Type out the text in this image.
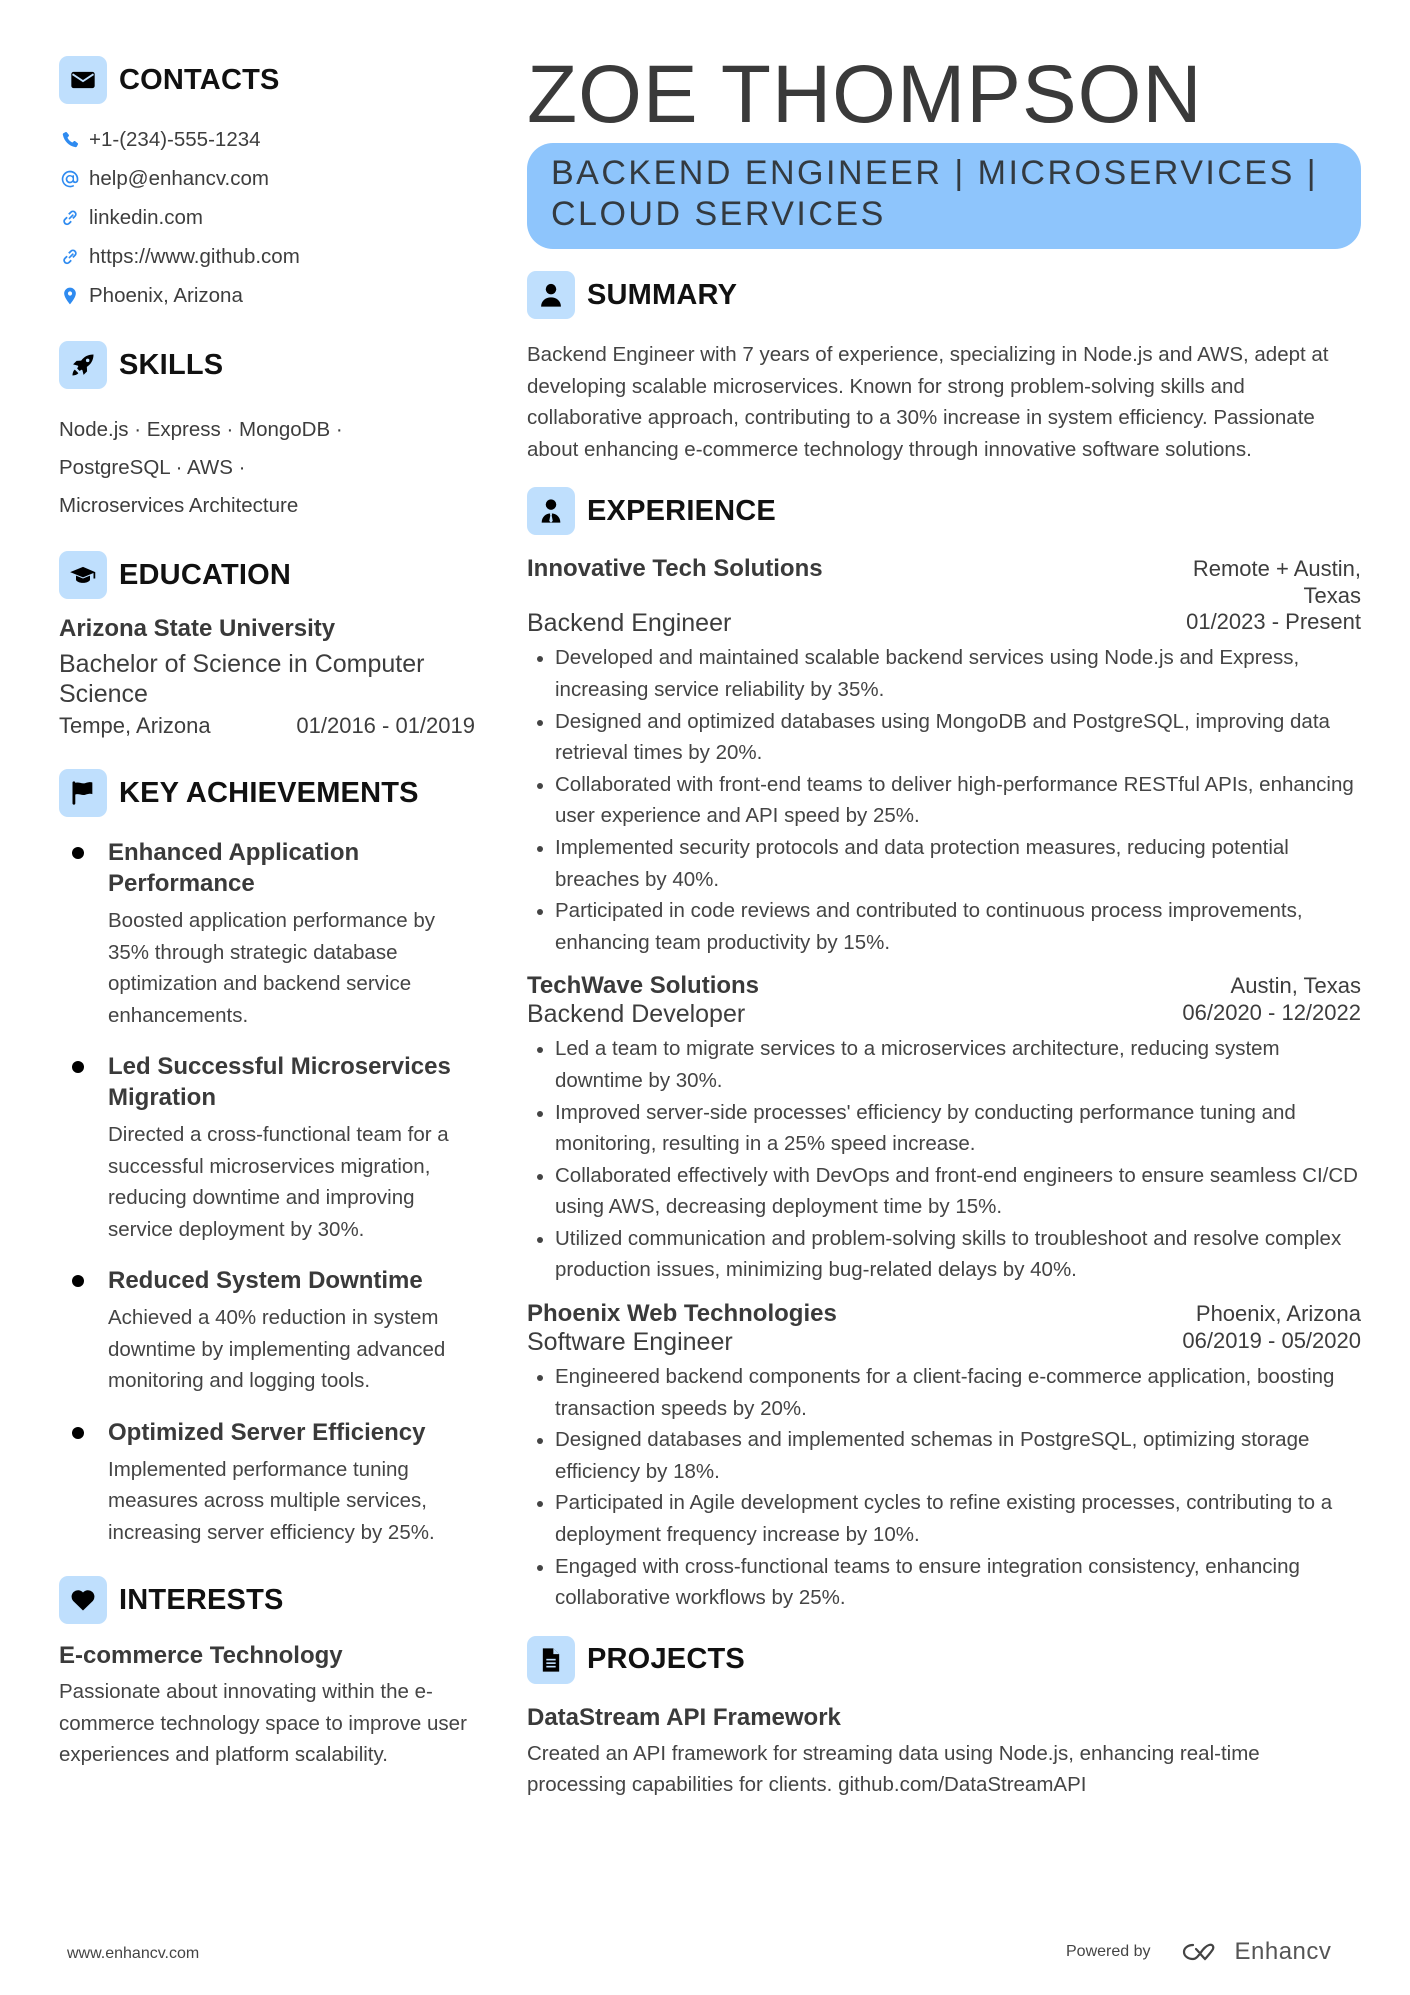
CONTACTS
+1-(234)-555-1234
help@enhancv.com
linkedin.com
https://www.github.com
Phoenix, Arizona
SKILLS
Node.js · Express · MongoDB ·
PostgreSQL · AWS ·
Microservices Architecture
EDUCATION
Arizona State University
Bachelor of Science in Computer Science
Tempe, Arizona	01/2016 - 01/2019
KEY ACHIEVEMENTS
Enhanced Application Performance
Boosted application performance by 35% through strategic database optimization and backend service enhancements.
Led Successful Microservices Migration
Directed a cross-functional team for a successful microservices migration, reducing downtime and improving service deployment by 30%.
Reduced System Downtime
Achieved a 40% reduction in system downtime by implementing advanced monitoring and logging tools.
Optimized Server Efficiency
Implemented performance tuning measures across multiple services, increasing server efficiency by 25%.
INTERESTS
E-commerce Technology
Passionate about innovating within the e-commerce technology space to improve user experiences and platform scalability.
ZOE THOMPSON
BACKEND ENGINEER | MICROSERVICES | CLOUD SERVICES
SUMMARY
Backend Engineer with 7 years of experience, specializing in Node.js and AWS, adept at developing scalable microservices. Known for strong problem-solving skills and collaborative approach, contributing to a 30% increase in system efficiency. Passionate about enhancing e-commerce technology through innovative software solutions.
EXPERIENCE
Innovative Tech Solutions	Remote + Austin, Texas
Backend Engineer	01/2023 - Present
Developed and maintained scalable backend services using Node.js and Express, increasing service reliability by 35%.
Designed and optimized databases using MongoDB and PostgreSQL, improving data retrieval times by 20%.
Collaborated with front-end teams to deliver high-performance RESTful APIs, enhancing user experience and API speed by 25%.
Implemented security protocols and data protection measures, reducing potential breaches by 40%.
Participated in code reviews and contributed to continuous process improvements, enhancing team productivity by 15%.
TechWave Solutions	Austin, Texas
Backend Developer	06/2020 - 12/2022
Led a team to migrate services to a microservices architecture, reducing system downtime by 30%.
Improved server-side processes' efficiency by conducting performance tuning and monitoring, resulting in a 25% speed increase.
Collaborated effectively with DevOps and front-end engineers to ensure seamless CI/CD using AWS, decreasing deployment time by 15%.
Utilized communication and problem-solving skills to troubleshoot and resolve complex production issues, minimizing bug-related delays by 40%.
Phoenix Web Technologies	Phoenix, Arizona
Software Engineer	06/2019 - 05/2020
Engineered backend components for a client-facing e-commerce application, boosting transaction speeds by 20%.
Designed databases and implemented schemas in PostgreSQL, optimizing storage efficiency by 18%.
Participated in Agile development cycles to refine existing processes, contributing to a deployment frequency increase by 10%.
Engaged with cross-functional teams to ensure integration consistency, enhancing collaborative workflows by 25%.
PROJECTS
DataStream API Framework
Created an API framework for streaming data using Node.js, enhancing real-time processing capabilities for clients. github.com/DataStreamAPI
www.enhancv.com	Powered by	Enhancv
